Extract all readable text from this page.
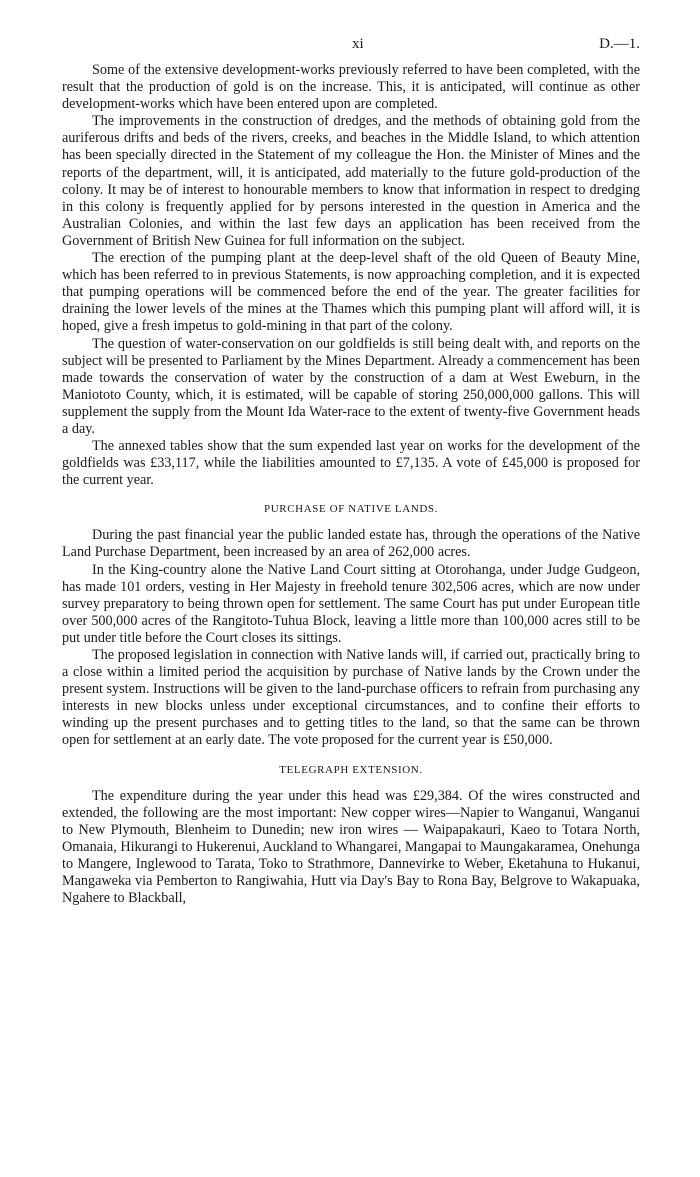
xi	D.—1.

Some of the extensive development-works previously referred to have been completed, with the result that the production of gold is on the increase. This, it is anticipated, will continue as other development-works which have been entered upon are completed.

The improvements in the construction of dredges, and the methods of obtaining gold from the auriferous drifts and beds of the rivers, creeks, and beaches in the Middle Island, to which attention has been specially directed in the Statement of my colleague the Hon. the Minister of Mines and the reports of the department, will, it is anticipated, add materially to the future gold-production of the colony. It may be of interest to honourable members to know that information in respect to dredging in this colony is frequently applied for by persons interested in the question in America and the Australian Colonies, and within the last few days an application has been received from the Government of British New Guinea for full information on the subject.

The erection of the pumping plant at the deep-level shaft of the old Queen of Beauty Mine, which has been referred to in previous Statements, is now approaching completion, and it is expected that pumping operations will be commenced before the end of the year. The greater facilities for draining the lower levels of the mines at the Thames which this pumping plant will afford will, it is hoped, give a fresh impetus to gold-mining in that part of the colony.

The question of water-conservation on our goldfields is still being dealt with, and reports on the subject will be presented to Parliament by the Mines Department. Already a commencement has been made towards the conservation of water by the construction of a dam at West Eweburn, in the Maniototo County, which, it is estimated, will be capable of storing 250,000,000 gallons. This will supplement the supply from the Mount Ida Water-race to the extent of twenty-five Government heads a day.

The annexed tables show that the sum expended last year on works for the development of the goldfields was £33,117, while the liabilities amounted to £7,135. A vote of £45,000 is proposed for the current year.

PURCHASE OF NATIVE LANDS.

During the past financial year the public landed estate has, through the operations of the Native Land Purchase Department, been increased by an area of 262,000 acres.

In the King-country alone the Native Land Court sitting at Otorohanga, under Judge Gudgeon, has made 101 orders, vesting in Her Majesty in freehold tenure 302,506 acres, which are now under survey preparatory to being thrown open for settlement. The same Court has put under European title over 500,000 acres of the Rangitoto-Tuhua Block, leaving a little more than 100,000 acres still to be put under title before the Court closes its sittings.

The proposed legislation in connection with Native lands will, if carried out, practically bring to a close within a limited period the acquisition by purchase of Native lands by the Crown under the present system. Instructions will be given to the land-purchase officers to refrain from purchasing any interests in new blocks unless under exceptional circumstances, and to confine their efforts to winding up the present purchases and to getting titles to the land, so that the same can be thrown open for settlement at an early date. The vote proposed for the current year is £50,000.

TELEGRAPH EXTENSION.

The expenditure during the year under this head was £29,384. Of the wires constructed and extended, the following are the most important: New copper wires—Napier to Wanganui, Wanganui to New Plymouth, Blenheim to Dunedin; new iron wires — Waipapakauri, Kaeo to Totara North, Omanaia, Hikurangi to Hukerenui, Auckland to Whangarei, Mangapai to Maungakaramea, Onehunga to Mangere, Inglewood to Tarata, Toko to Strathmore, Dannevirke to Weber, Eketahuna to Hukanui, Mangaweka via Pemberton to Rangiwahia, Hutt via Day's Bay to Rona Bay, Belgrove to Wakapuaka, Ngahere to Blackball,
